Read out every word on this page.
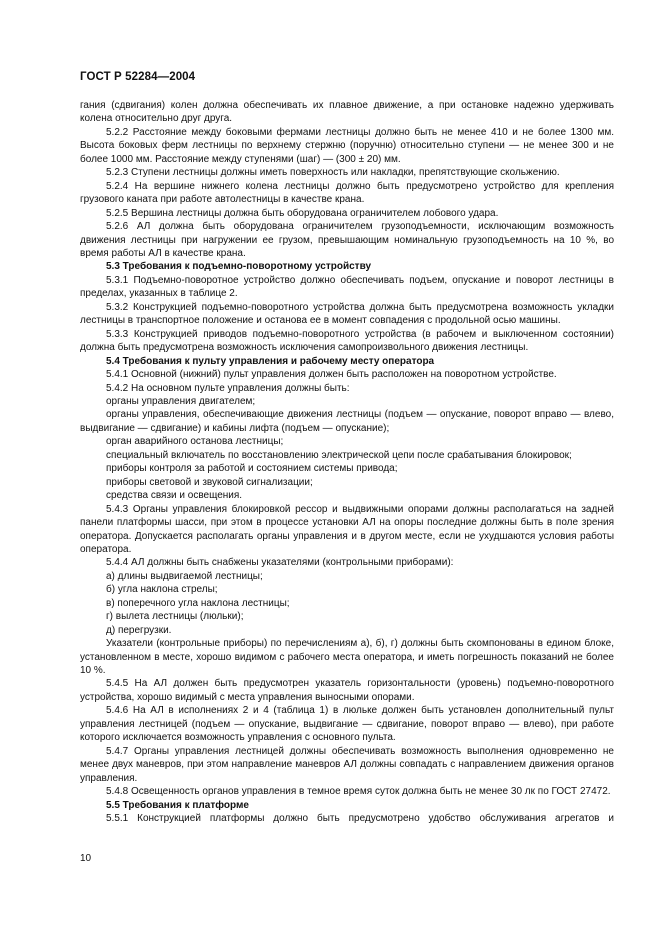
ГОСТ Р 52284—2004

гания (сдвигания) колен должна обеспечивать их плавное движение, а при остановке надежно удерживать колена относительно друг друга.

5.2.2 Расстояние между боковыми фермами лестницы должно быть не менее 410 и не более 1300 мм. Высота боковых ферм лестницы по верхнему стержню (поручню) относительно ступени — не менее 300 и не более 1000 мм. Расстояние между ступенями (шаг) — (300 ± 20) мм.

5.2.3 Ступени лестницы должны иметь поверхность или накладки, препятствующие скольжению.

5.2.4 На вершине нижнего колена лестницы должно быть предусмотрено устройство для крепления грузового каната при работе автолестницы в качестве крана.

5.2.5 Вершина лестницы должна быть оборудована ограничителем лобового удара.

5.2.6 АЛ должна быть оборудована ограничителем грузоподъемности, исключающим возможность движения лестницы при нагружении ее грузом, превышающим номинальную грузоподъемность на 10 %, во время работы АЛ в качестве крана.

5.3 Требования к подъемно-поворотному устройству

5.3.1 Подъемно-поворотное устройство должно обеспечивать подъем, опускание и поворот лестницы в пределах, указанных в таблице 2.

5.3.2 Конструкцией подъемно-поворотного устройства должна быть предусмотрена возможность укладки лестницы в транспортное положение и останова ее в момент совпадения с продольной осью машины.

5.3.3 Конструкцией приводов подъемно-поворотного устройства (в рабочем и выключенном состоянии) должна быть предусмотрена возможность исключения самопроизвольного движения лестницы.

5.4 Требования к пульту управления и рабочему месту оператора

5.4.1 Основной (нижний) пульт управления должен быть расположен на поворотном устройстве.

5.4.2 На основном пульте управления должны быть:

органы управления двигателем;

органы управления, обеспечивающие движения лестницы (подъем — опускание, поворот вправо — влево, выдвигание — сдвигание) и кабины лифта (подъем — опускание);

орган аварийного останова лестницы;

специальный включатель по восстановлению электрической цепи после срабатывания блокировок;

приборы контроля за работой и состоянием системы привода;

приборы световой и звуковой сигнализации;

средства связи и освещения.

5.4.3 Органы управления блокировкой рессор и выдвижными опорами должны располагаться на задней панели платформы шасси, при этом в процессе установки АЛ на опоры последние должны быть в поле зрения оператора. Допускается располагать органы управления и в другом месте, если не ухудшаются условия работы оператора.

5.4.4 АЛ должны быть снабжены указателями (контрольными приборами):

а) длины выдвигаемой лестницы;

б) угла наклона стрелы;

в) поперечного угла наклона лестницы;

г) вылета лестницы (люльки);

д) перегрузки.

Указатели (контрольные приборы) по перечислениям а), б), г) должны быть скомпонованы в едином блоке, установленном в месте, хорошо видимом с рабочего места оператора, и иметь погрешность показаний не более 10 %.

5.4.5 На АЛ должен быть предусмотрен указатель горизонтальности (уровень) подъемно-поворотного устройства, хорошо видимый с места управления выносными опорами.

5.4.6 На АЛ в исполнениях 2 и 4 (таблица 1) в люльке должен быть установлен дополнительный пульт управления лестницей (подъем — опускание, выдвигание — сдвигание, поворот вправо — влево), при работе которого исключается возможность управления с основного пульта.

5.4.7 Органы управления лестницей должны обеспечивать возможность выполнения одновременно не менее двух маневров, при этом направление маневров АЛ должны совпадать с направлением движения органов управления.

5.4.8 Освещенность органов управления в темное время суток должна быть не менее 30 лк по ГОСТ 27472.

5.5 Требования к платформе

5.5.1 Конструкцией платформы должно быть предусмотрено удобство обслуживания агрегатов и

10
